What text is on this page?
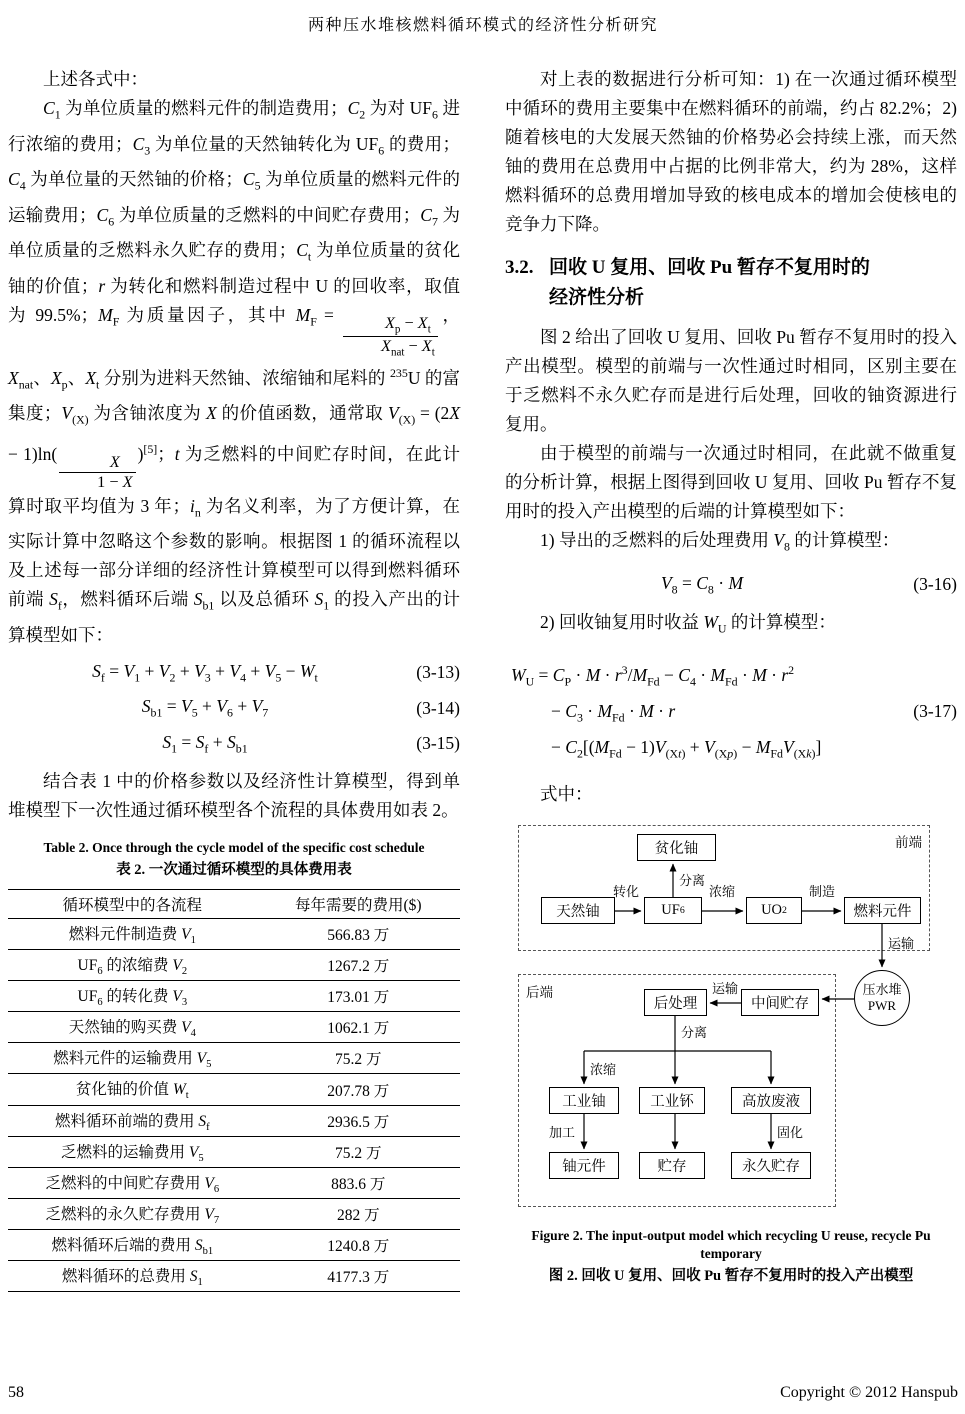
两种压水堆核燃料循环模式的经济性分析研究

上述各式中：

$C_1$ 为单位质量的燃料元件的制造费用；$C_2$ 为对 $UF_6$ 进行浓缩的费用；$C_3$ 为单位量的天然铀转化为 $UF_6$ 的费用；$C_4$ 为单位量的天然铀的价格；$C_5$ 为单位质量的燃料元件的运输费用；$C_6$ 为单位质量的乏燃料的中间贮存费用；$C_7$ 为单位质量的乏燃料永久贮存的费用；$C_t$ 为单位质量的贫化铀的价值；r 为转化和燃料制造过程中 U 的回收率，取值为 99.5%；$M_F$ 为质量因子，其中 $M_F = \frac{X_p - X_t}{X_{nat} - X_t}$ ，$X_{nat}$、$X_p$、$X_t$ 分别为进料天然铀、浓缩铀和尾料的 $^{235}$U 的富集度；$V_{(X)}$ 为含铀浓度为 X 的价值函数，通常取 $V_{(X)} = (2X - 1)\ln( \frac{X}{1 - X} )[5]$；t 为乏燃料的中间贮存时间，在此计算时取平均值为 3 年；$i_n$ 为名义利率，为了方便计算，在实际计算中忽略这个参数的影响。根据图 1 的循环流程以及上述每一部分详细的经济性计算模型可以得到燃料循环前端 $S_f$，燃料循环后端 $S_{b1}$ 以及总循环 $S_1$ 的投入产出的计算模型如下：

$S_f = V_1 + V_2 + V_3 + V_4 + V_5 - W_t$	(3-13)
$S_{b1} = V_5 + V_6 + V_7$	(3-14)
$S_1 = S_f + S_{b1}$	(3-15)

结合表 1 中的价格参数以及经济性计算模型，得到单堆模型下一次性通过循环模型各个流程的具体费用如表 2。

Table 2. Once through the cycle model of the specific cost schedule
表 2. 一次通过循环模型的具体费用表
循环模型中的各流程	每年需要的费用($)
燃料元件制造费 $V_1$	566.83 万
$UF_6$ 的浓缩费 $V_2$	1267.2 万
$UF_6$ 的转化费 $V_3$	173.01 万
天然铀的购买费 $V_4$	1062.1 万
燃料元件的运输费用 $V_5$	75.2 万
贫化铀的价值 $W_t$	207.78 万
燃料循环前端的费用 $S_f$	2936.5 万
乏燃料的运输费用 $V_5$	75.2 万
乏燃料的中间贮存费用 $V_6$	883.6 万
乏燃料的永久贮存费用 $V_7$	282 万
燃料循环后端的费用 $S_{b1}$	1240.8 万
燃料循环的总费用 $S_1$	4177.3 万

对上表的数据进行分析可知：1) 在一次通过循环模型中循环的费用主要集中在燃料循环的前端，约占 82.2%；2) 随着核电的大发展天然铀的价格势必会持续上涨，而天然铀的费用在总费用中占据的比例非常大，约为 28%，这样燃料循环的总费用增加导致的核电成本的增加会使核电的竞争力下降。

3.2. 回收 U 复用、回收 Pu 暂存不复用时的
经济性分析

图 2 给出了回收 U 复用、回收 Pu 暂存不复用时的投入产出模型。模型的前端与一次性通过时相同，区别主要在于乏燃料不永久贮存而是进行后处理，回收的铀资源进行复用。

由于模型的前端与一次通过时相同，在此就不做重复的分析计算，根据上图得到回收 U 复用、回收 Pu 暂存不复用时的投入产出模型的后端的计算模型如下：

1) 导出的乏燃料的后处理费用 $V_8$ 的计算模型：

$V_8 = C_8 \cdot M$	(3-16)

2) 回收铀复用时收益 $W_U$ 的计算模型：

$W_U = C_P \cdot M \cdot r^3/M_{Fd} - C_4 \cdot M_{Fd} \cdot M \cdot r^2$
− $C_3 \cdot M_{Fd} \cdot M \cdot r$
− $C_2[(M_{Fd} - 1)V_{(Xt)} + V_{(Xp)} - M_{Fd}V_{(Xk)}]$
(3-17)

式中：

前端
后端
贫化铀
天然铀	UF 6	UO 2	燃料元件
后处理	中间贮存
压水堆
PWR
工业铀	工业钚	高放废液
铀元件	贮存	永久贮存
转化	浓缩	制造
分离
运输
运输
分离
浓缩
加工	固化
Figure 2. The input-output model which recycling U reuse, recycle Pu temporary
图 2. 回收 U 复用、回收 Pu 暂存不复用时的投入产出模型
58	Copyright © 2012 Hanspub
